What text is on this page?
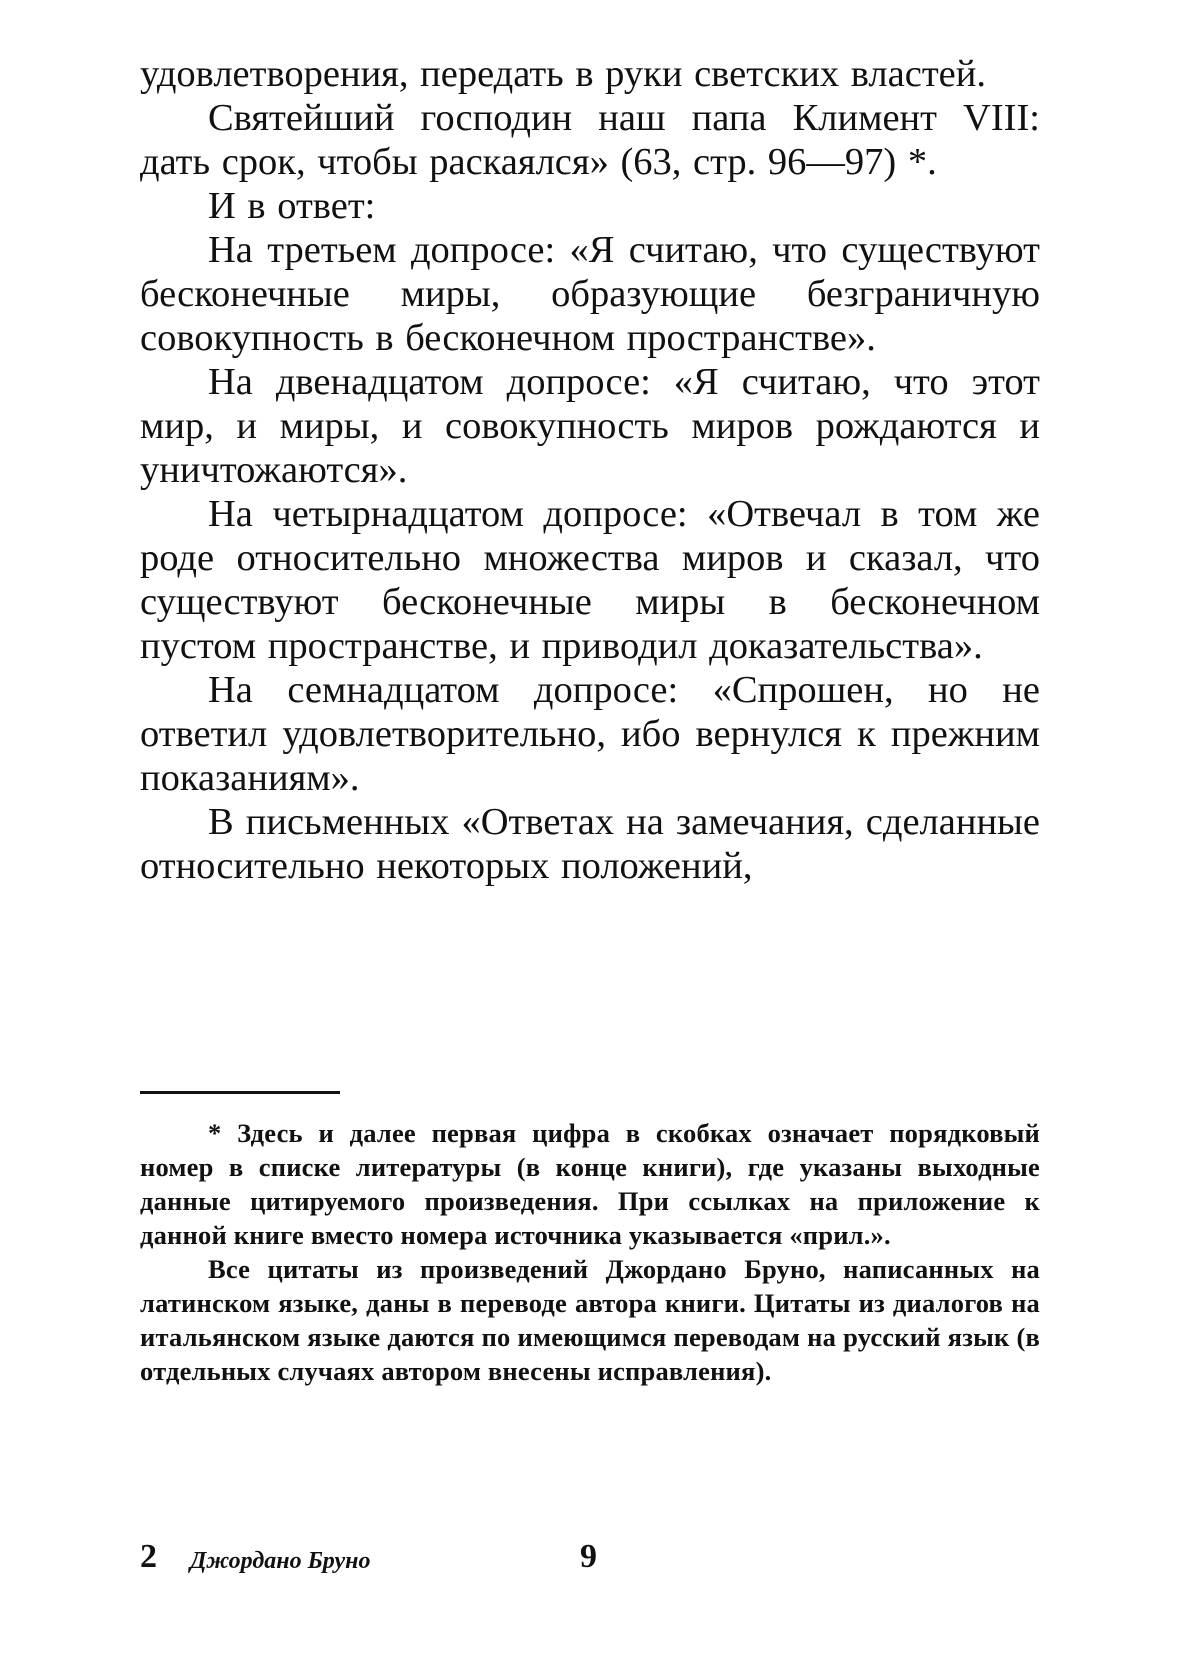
удовлетворения, передать в руки светских властей.

Святейший господин наш папа Климент VIII: дать срок, чтобы раскаялся» (63, стр. 96—97) *.

И в ответ:

На третьем допросе: «Я считаю, что существуют бесконечные миры, образующие безграничную совокупность в бесконечном пространстве».

На двенадцатом допросе: «Я считаю, что этот мир, и миры, и совокупность миров рождаются и уничтожаются».

На четырнадцатом допросе: «Отвечал в том же роде относительно множества миров и сказал, что существуют бесконечные миры в бесконечном пустом пространстве, и приводил доказательства».

На семнадцатом допросе: «Спрошен, но не ответил удовлетворительно, ибо вернулся к прежним показаниям».

В письменных «Ответах на замечания, сделанные относительно некоторых положений,

* Здесь и далее первая цифра в скобках означает порядковый номер в списке литературы (в конце книги), где указаны выходные данные цитируемого произведения. При ссылках на приложение к данной книге вместо номера источника указывается «прил.».

Все цитаты из произведений Джордано Бруно, написанных на латинском языке, даны в переводе автора книги. Цитаты из диалогов на итальянском языке даются по имеющимся переводам на русский язык (в отдельных случаях автором внесены исправления).

2 Джордано Бруно	9
